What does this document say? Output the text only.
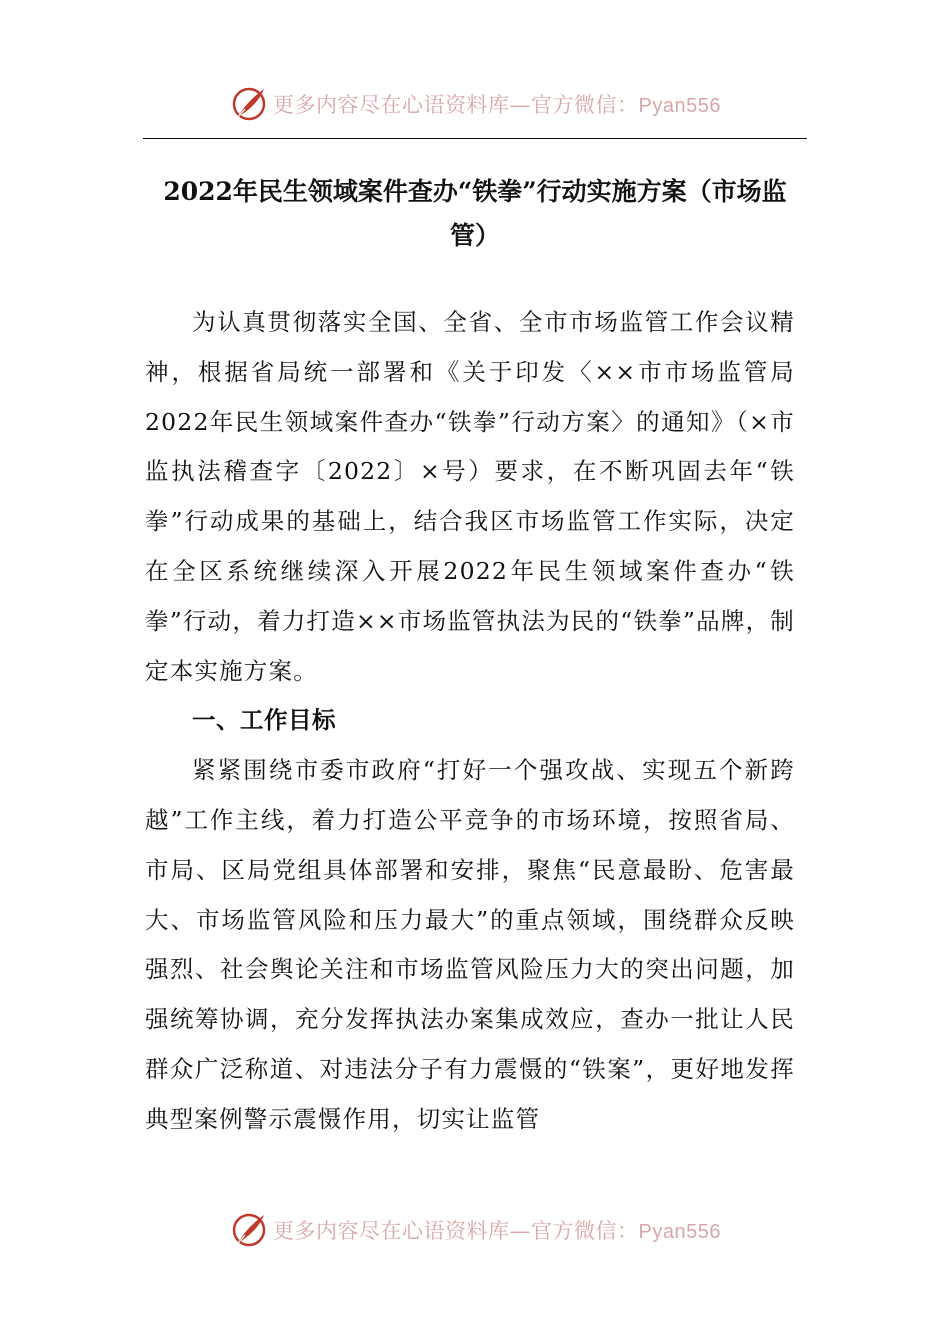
更多内容尽在心语资料库—官方微信：Pyan556
2022年民生领域案件查办“铁拳”行动实施方案（市场监
管）

为认真贯彻落实全国、全省、全市市场监管工作会议精神，根据省局统一部署和《关于印发〈××市市场监管局2022年民生领域案件查办“铁拳”行动方案〉的通知》（×市监执法稽查字〔2022〕×号）要求，在不断巩固去年“铁拳”行动成果的基础上，结合我区市场监管工作实际，决定在全区系统继续深入开展2022年民生领域案件查办“铁拳”行动，着力打造××市场监管执法为民的“铁拳”品牌，制定本实施方案。

一、工作目标

紧紧围绕市委市政府“打好一个强攻战、实现五个新跨越”工作主线，着力打造公平竞争的市场环境，按照省局、市局、区局党组具体部署和安排，聚焦“民意最盼、危害最大、市场监管风险和压力最大”的重点领域，围绕群众反映强烈、社会舆论关注和市场监管风险压力大的突出问题，加强统筹协调，充分发挥执法办案集成效应，查办一批让人民群众广泛称道、对违法分子有力震慑的“铁案”，更好地发挥典型案例警示震慑作用，切实让监管

更多内容尽在心语资料库—官方微信：Pyan556
